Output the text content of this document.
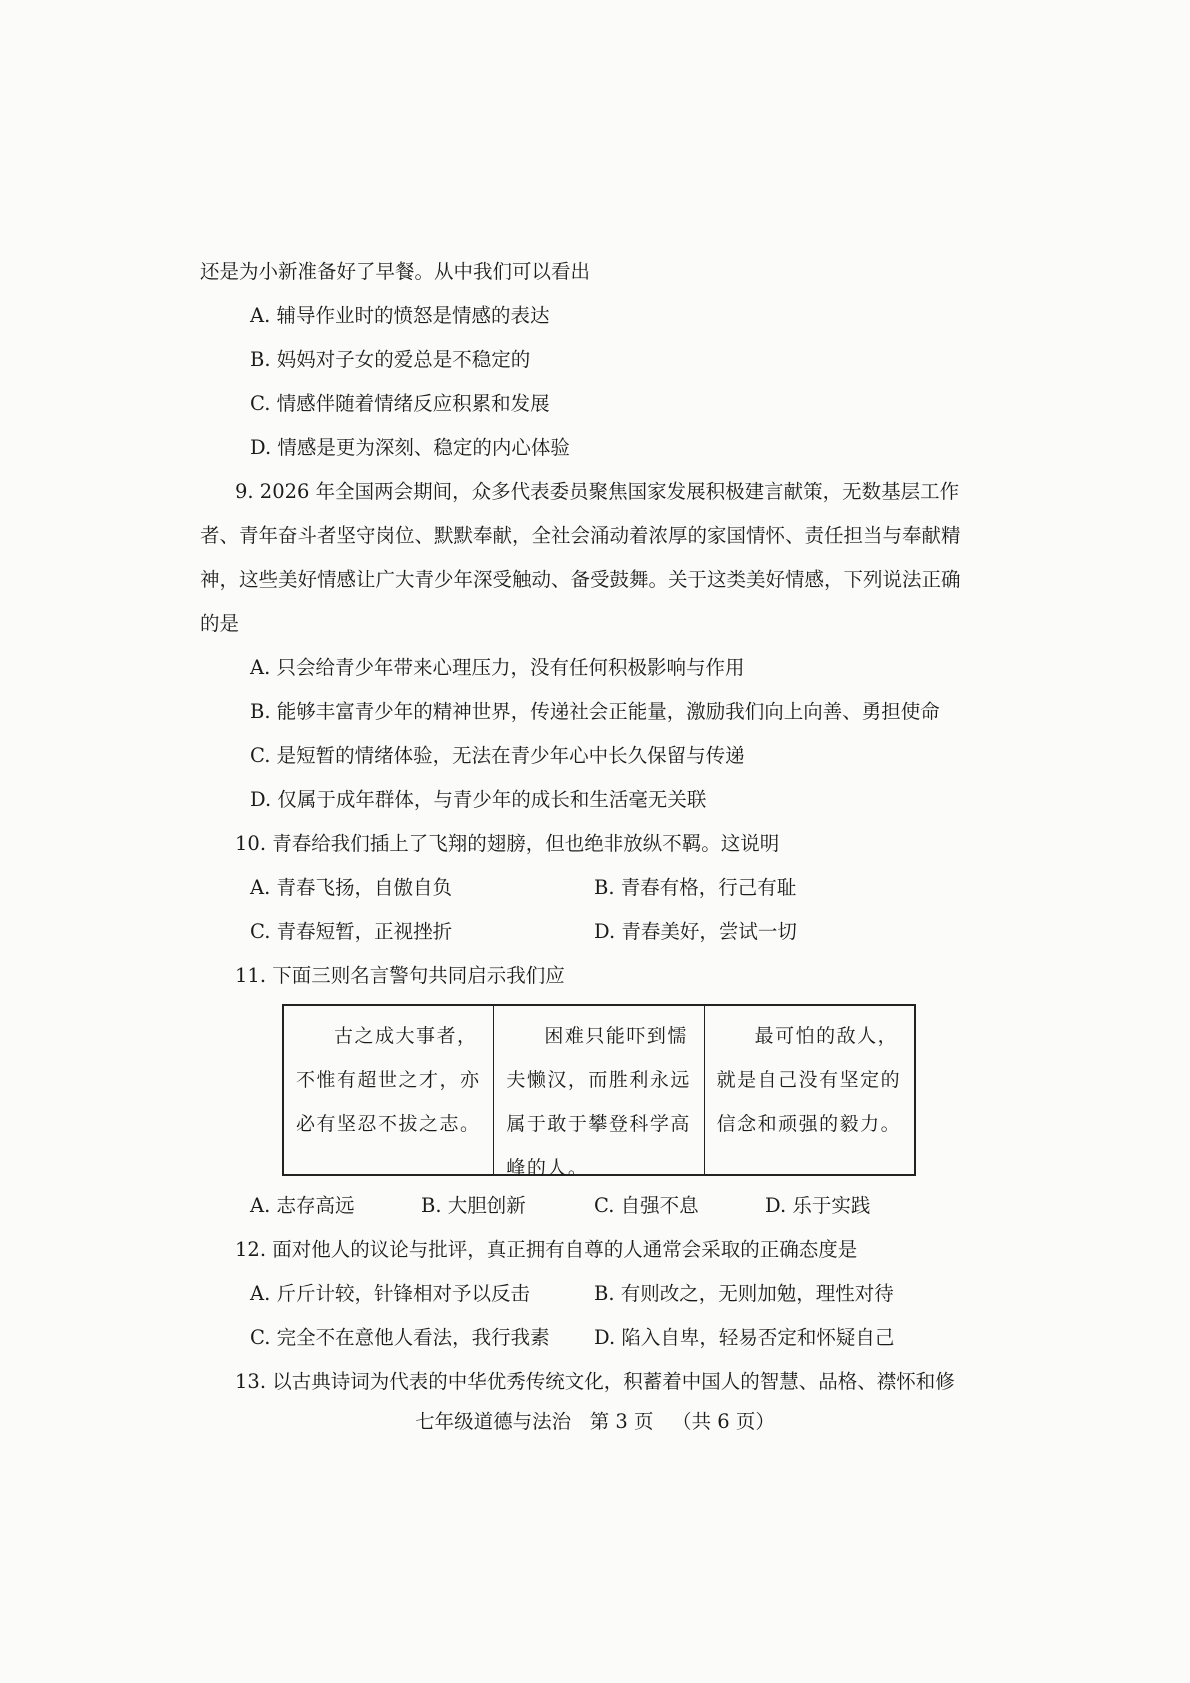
还是为小新准备好了早餐。从中我们可以看出
A. 辅导作业时的愤怒是情感的表达
B. 妈妈对子女的爱总是不稳定的
C. 情感伴随着情绪反应积累和发展
D. 情感是更为深刻、稳定的内心体验
9. 2026 年全国两会期间，众多代表委员聚焦国家发展积极建言献策，无数基层工作
者、青年奋斗者坚守岗位、默默奉献，全社会涌动着浓厚的家国情怀、责任担当与奉献精
神，这些美好情感让广大青少年深受触动、备受鼓舞。关于这类美好情感，下列说法正确
的是
A. 只会给青少年带来心理压力，没有任何积极影响与作用
B. 能够丰富青少年的精神世界，传递社会正能量，激励我们向上向善、勇担使命
C. 是短暂的情绪体验，无法在青少年心中长久保留与传递
D. 仅属于成年群体，与青少年的成长和生活毫无关联
10. 青春给我们插上了飞翔的翅膀，但也绝非放纵不羁。这说明
A. 青春飞扬，自傲自负	B. 青春有格，行己有耻
C. 青春短暂，正视挫折	D. 青春美好，尝试一切
11. 下面三则名言警句共同启示我们应
古之成大事者，不惟有超世之才，亦必有坚忍不拔之志。
困难只能吓到懦夫懒汉，而胜利永远属于敢于攀登科学高峰的人。
最可怕的敌人，就是自己没有坚定的信念和顽强的毅力。
A. 志存高远	B. 大胆创新	C. 自强不息	D. 乐于实践
12. 面对他人的议论与批评，真正拥有自尊的人通常会采取的正确态度是
A. 斤斤计较，针锋相对予以反击	B. 有则改之，无则加勉，理性对待
C. 完全不在意他人看法，我行我素 D. 陷入自卑，轻易否定和怀疑自己
13. 以古典诗词为代表的中华优秀传统文化，积蓄着中国人的智慧、品格、襟怀和修
七年级道德与法治   第 3 页   （共 6 页）
